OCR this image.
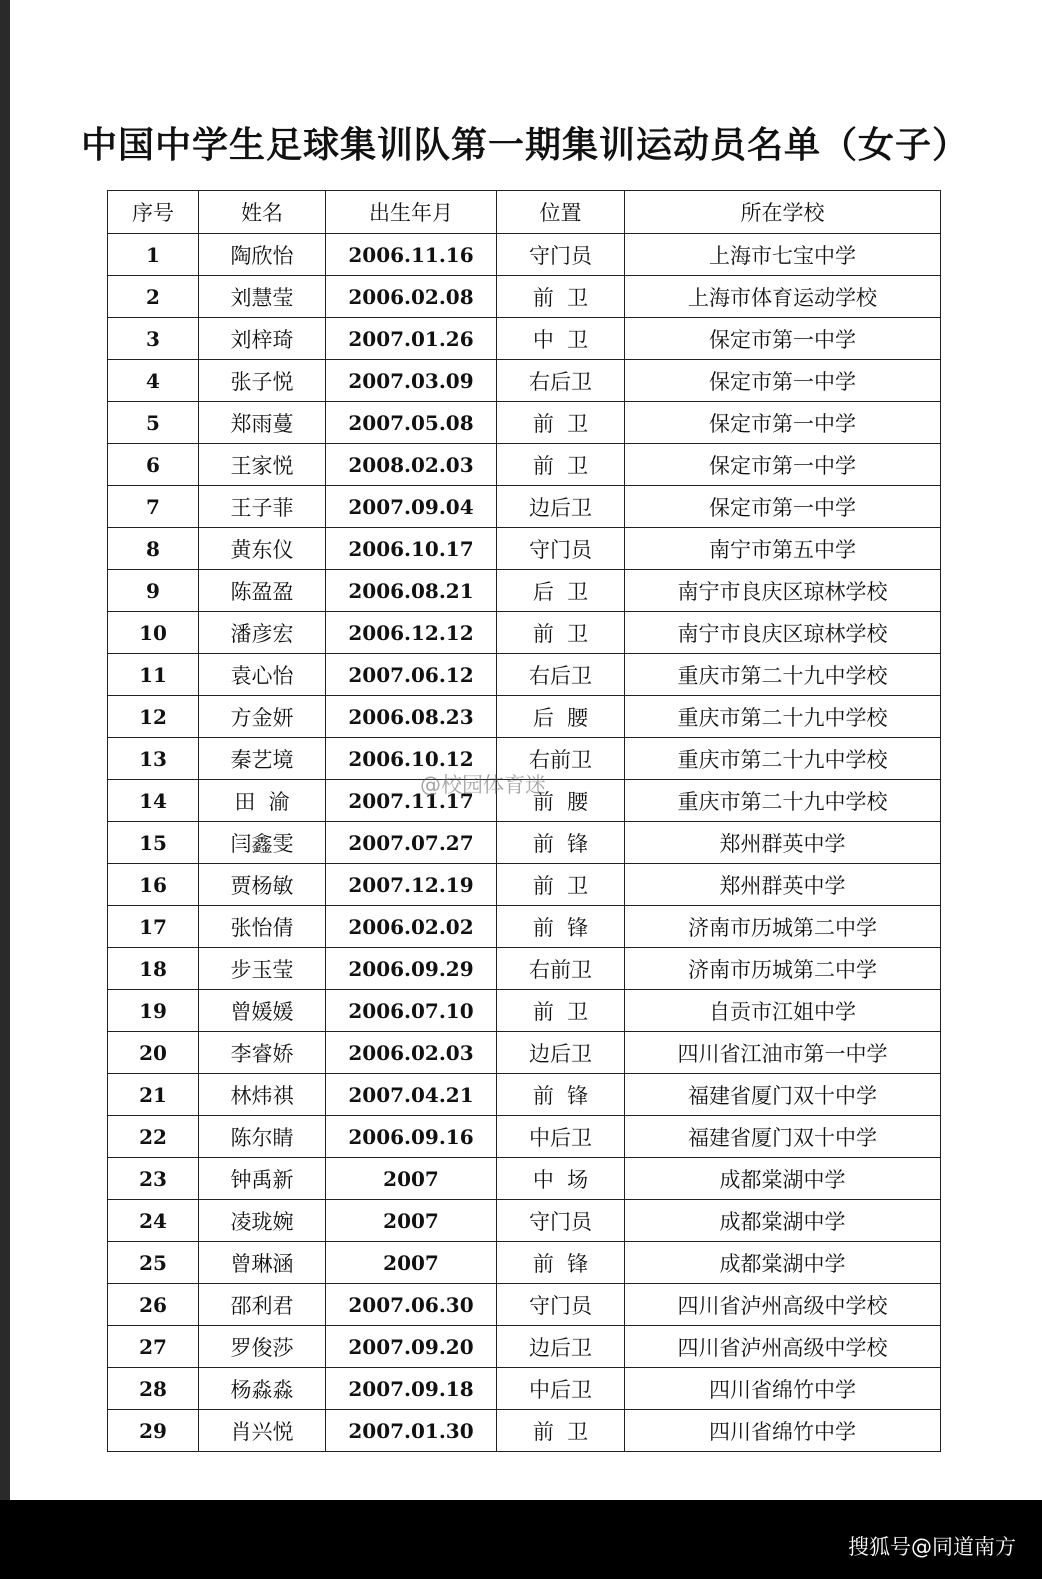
中国中学生足球集训队第一期集训运动员名单（女子）
序号	姓名	出生年月	位置	所在学校
1	陶欣怡	2006.11.16	守门员	上海市七宝中学
2	刘慧莹	2006.02.08	前  卫	上海市体育运动学校
3	刘梓琦	2007.01.26	中  卫	保定市第一中学
4	张子悦	2007.03.09	右后卫	保定市第一中学
5	郑雨蔓	2007.05.08	前  卫	保定市第一中学
6	王家悦	2008.02.03	前  卫	保定市第一中学
7	王子菲	2007.09.04	边后卫	保定市第一中学
8	黄东仪	2006.10.17	守门员	南宁市第五中学
9	陈盈盈	2006.08.21	后  卫	南宁市良庆区琼林学校
10	潘彦宏	2006.12.12	前  卫	南宁市良庆区琼林学校
11	袁心怡	2007.06.12	右后卫	重庆市第二十九中学校
12	方金妍	2006.08.23	后  腰	重庆市第二十九中学校
13	秦艺境	2006.10.12	右前卫	重庆市第二十九中学校
14	田  渝	2007.11.17	前  腰	重庆市第二十九中学校
15	闫鑫雯	2007.07.27	前  锋	郑州群英中学
16	贾杨敏	2007.12.19	前  卫	郑州群英中学
17	张怡倩	2006.02.02	前  锋	济南市历城第二中学
18	步玉莹	2006.09.29	右前卫	济南市历城第二中学
19	曾媛媛	2006.07.10	前  卫	自贡市江姐中学
20	李睿娇	2006.02.03	边后卫	四川省江油市第一中学
21	林炜祺	2007.04.21	前  锋	福建省厦门双十中学
22	陈尔睛	2006.09.16	中后卫	福建省厦门双十中学
23	钟禹新	2007	中  场	成都棠湖中学
24	凌珑婉	2007	守门员	成都棠湖中学
25	曾琳涵	2007	前  锋	成都棠湖中学
26	邵利君	2007.06.30	守门员	四川省泸州高级中学校
27	罗俊莎	2007.09.20	边后卫	四川省泸州高级中学校
28	杨淼淼	2007.09.18	中后卫	四川省绵竹中学
29	肖兴悦	2007.01.30	前  卫	四川省绵竹中学
@校园体育迷
搜狐号@同道南方
